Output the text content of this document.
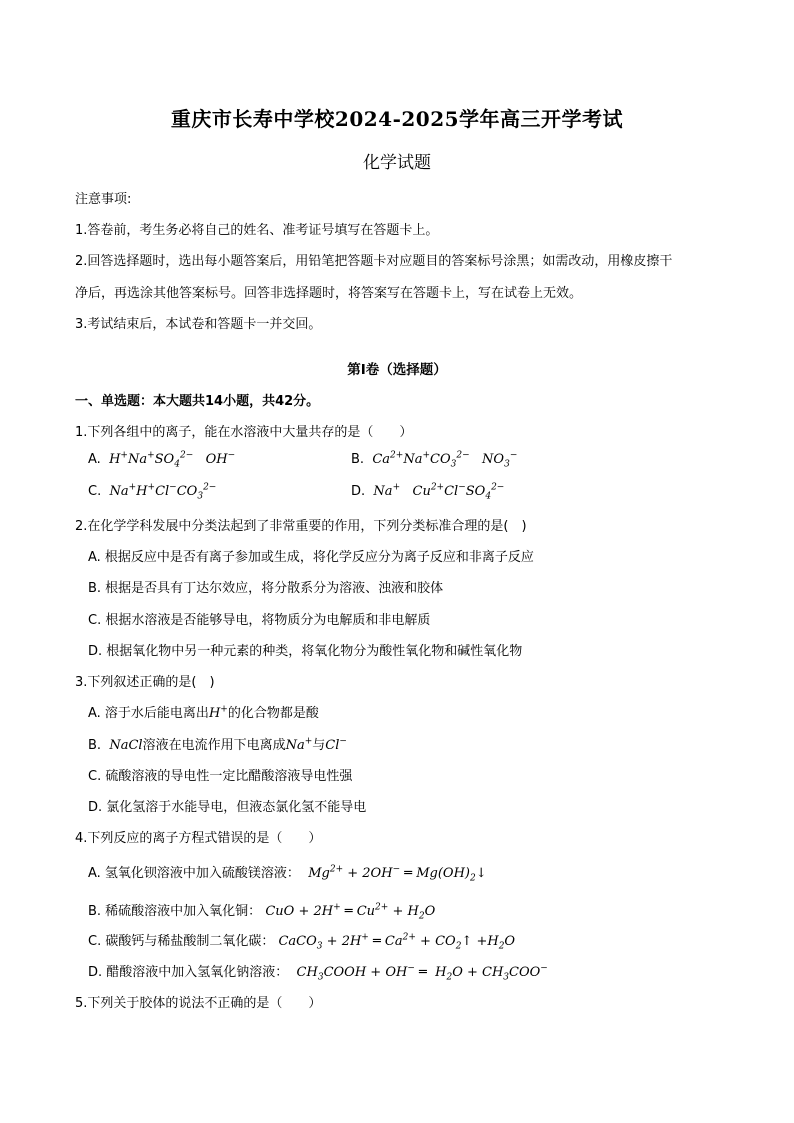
重庆市长寿中学校2024-2025学年高三开学考试
化学试题
注意事项:
1.答卷前，考生务必将自己的姓名、准考证号填写在答题卡上。
2.回答选择题时，选出每小题答案后，用铅笔把答题卡对应题目的答案标号涂黑；如需改动，用橡皮擦干
净后，再选涂其他答案标号。回答非选择题时，将答案写在答题卡上，写在试卷上无效。
3.考试结束后，本试卷和答题卡一并交回。
第I卷（选择题）
一、单选题：本大题共14小题，共42分。
1.下列各组中的离子，能在水溶液中大量共存的是（　　）
A.  $H^+Na^+SO_4^{2-}$   OH−	B.  $Ca^{2+}Na^+CO_3^{2-}$   $NO_3^-$
C.  $Na^+H^+Cl^-CO_3^{2-}$	D.  Na+   $Cu^{2+}Cl^-SO_4^{2-}$
2.在化学学科发展中分类法起到了非常重要的作用，下列分类标准合理的是(　)
A. 根据反应中是否有离子参加或生成，将化学反应分为离子反应和非离子反应
B. 根据是否具有丁达尔效应，将分散系分为溶液、浊液和胶体
C. 根据水溶液是否能够导电，将物质分为电解质和非电解质
D. 根据氧化物中另一种元素的种类，将氧化物分为酸性氧化物和碱性氧化物
3.下列叙述正确的是(　)
A. 溶于水后能电离出H+的化合物都是酸
B.  NaCl溶液在电流作用下电离成Na+与Cl−
C. 硫酸溶液的导电性一定比醋酸溶液导电性强
D. 氯化氢溶于水能导电，但液态氯化氢不能导电
4.下列反应的离子方程式错误的是（　　）
A. 氢氧化钡溶液中加入硫酸镁溶液：  $Mg^{2+} + 2OH^-$ ═ $Mg(OH)_2↓$
B. 稀硫酸溶液中加入氧化铜： CuO + 2H+ ═ $Cu^{2+} + H_2O$
C. 碳酸钙与稀盐酸制二氧化碳： CaCO$_3$ + 2H+ ═ $Ca^{2+}$ + $CO_2↑ +H_2O$
D. 醋酸溶液中加入氢氧化钠溶液：  $CH_3COOH + OH^-$ ═  $H_2O + CH_3COO^-$
5.下列关于胶体的说法不正确的是（　　）
